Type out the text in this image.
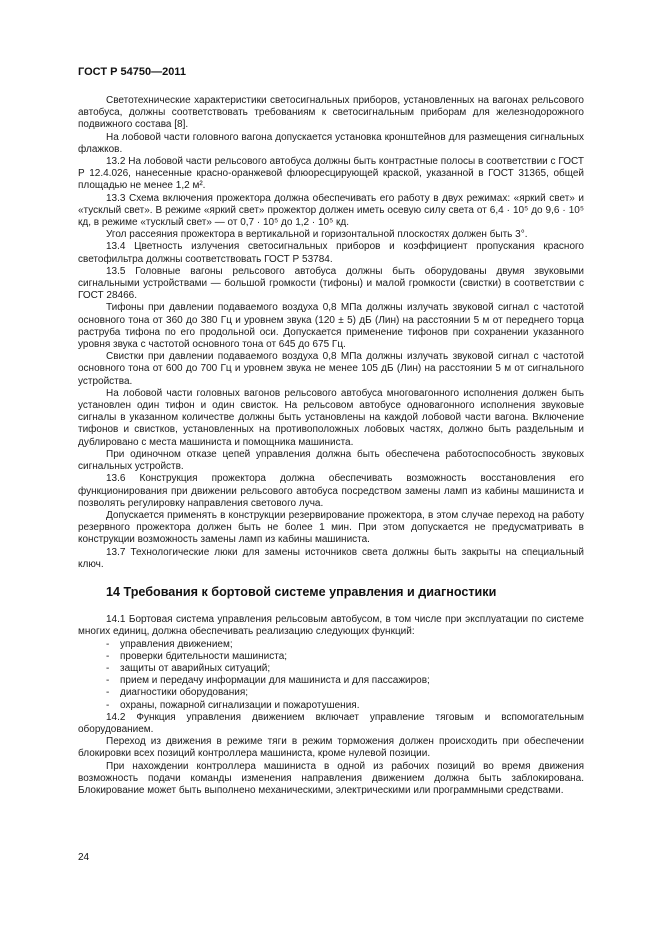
ГОСТ Р 54750—2011

Светотехнические характеристики светосигнальных приборов, установленных на вагонах рельсового автобуса, должны соответствовать требованиям к светосигнальным приборам для железнодорожного подвижного состава [8].

На лобовой части головного вагона допускается установка кронштейнов для размещения сигнальных флажков.

13.2 На лобовой части рельсового автобуса должны быть контрастные полосы в соответствии с ГОСТ Р 12.4.026, нанесенные красно-оранжевой флюоресцирующей краской, указанной в ГОСТ 31365, общей площадью не менее 1,2 м².

13.3 Схема включения прожектора должна обеспечивать его работу в двух режимах: «яркий свет» и «тусклый свет». В режиме «яркий свет» прожектор должен иметь осевую силу света от 6,4 · 10⁵ до 9,6 · 10⁵ кд, в режиме «тусклый свет» — от 0,7 · 10⁵ до 1,2 · 10⁵ кд.

Угол рассеяния прожектора в вертикальной и горизонтальной плоскостях должен быть 3°.

13.4 Цветность излучения светосигнальных приборов и коэффициент пропускания красного светофильтра должны соответствовать ГОСТ Р 53784.

13.5 Головные вагоны рельсового автобуса должны быть оборудованы двумя звуковыми сигнальными устройствами — большой громкости (тифоны) и малой громкости (свистки) в соответствии с ГОСТ 28466.

Тифоны при давлении подаваемого воздуха 0,8 МПа должны излучать звуковой сигнал с частотой основного тона от 360 до 380 Гц и уровнем звука (120 ± 5) дБ (Лин) на расстоянии 5 м от переднего торца раструба тифона по его продольной оси. Допускается применение тифонов при сохранении указанного уровня звука с частотой основного тона от 645 до 675 Гц.

Свистки при давлении подаваемого воздуха 0,8 МПа должны излучать звуковой сигнал с частотой основного тона от 600 до 700 Гц и уровнем звука не менее 105 дБ (Лин) на расстоянии 5 м от сигнального устройства.

На лобовой части головных вагонов рельсового автобуса многовагонного исполнения должен быть установлен один тифон и один свисток. На рельсовом автобусе одновагонного исполнения звуковые сигналы в указанном количестве должны быть установлены на каждой лобовой части вагона. Включение тифонов и свистков, установленных на противоположных лобовых частях, должно быть раздельным и дублировано с места машиниста и помощника машиниста.

При одиночном отказе цепей управления должна быть обеспечена работоспособность звуковых сигнальных устройств.

13.6 Конструкция прожектора должна обеспечивать возможность восстановления его функционирования при движении рельсового автобуса посредством замены ламп из кабины машиниста и позволять регулировку направления светового луча.

Допускается применять в конструкции резервирование прожектора, в этом случае переход на работу резервного прожектора должен быть не более 1 мин. При этом допускается не предусматривать в конструкции возможность замены ламп из кабины машиниста.

13.7 Технологические люки для замены источников света должны быть закрыты на специальный ключ.

14 Требования к бортовой системе управления и диагностики

14.1 Бортовая система управления рельсовым автобусом, в том числе при эксплуатации по системе многих единиц, должна обеспечивать реализацию следующих функций:

- управления движением;
- проверки бдительности машиниста;
- защиты от аварийных ситуаций;
- прием и передачу информации для машиниста и для пассажиров;
- диагностики оборудования;
- охраны, пожарной сигнализации и пожаротушения.

14.2 Функция управления движением включает управление тяговым и вспомогательным оборудованием.

Переход из движения в режиме тяги в режим торможения должен происходить при обеспечении блокировки всех позиций контроллера машиниста, кроме нулевой позиции.

При нахождении контроллера машиниста в одной из рабочих позиций во время движения возможность подачи команды изменения направления движением должна быть заблокирована. Блокирование может быть выполнено механическими, электрическими или программными средствами.

24
